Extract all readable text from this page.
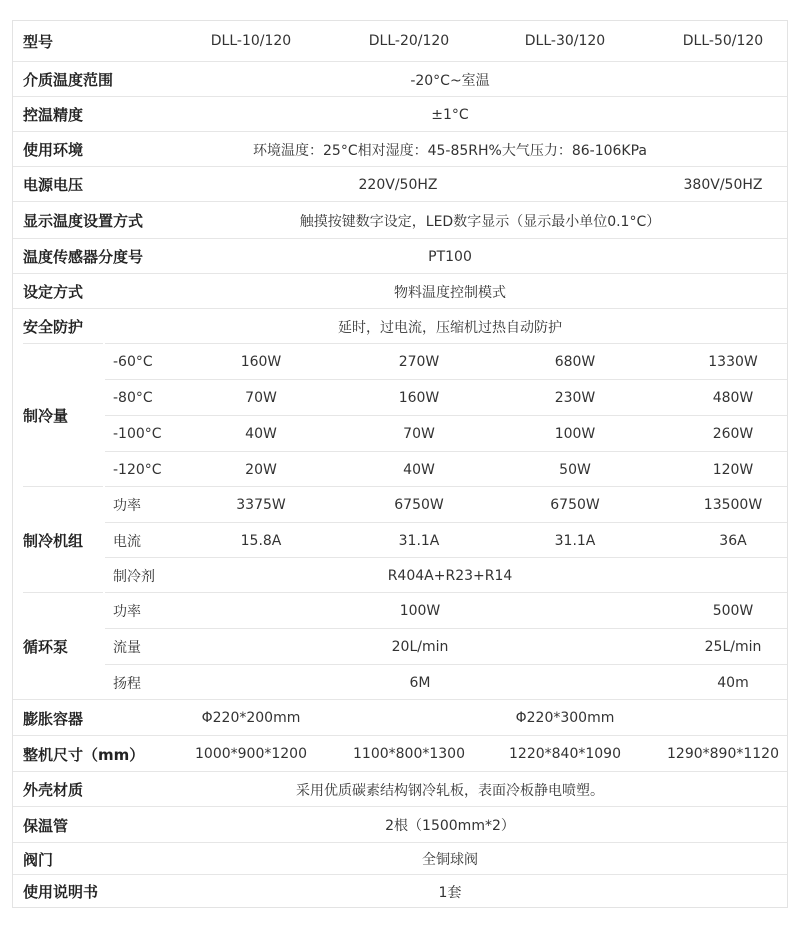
型号	DLL-10/120	DLL-20/120	DLL-30/120	DLL-50/120
介质温度范围	-20°C~室温
控温精度	±1°C
使用环境	环境温度：25°C相对湿度：45-85RH%大气压力：86-106KPa
电源电压	220V/50HZ	380V/50HZ
显示温度设置方式	触摸按键数字设定，LED数字显示（显示最小单位0.1°C）
温度传感器分度号	PT100
设定方式	物料温度控制模式
安全防护	延时，过电流，压缩机过热自动防护
制冷量
-60°C	160W	270W	680W	1330W
-80°C	70W	160W	230W	480W
-100°C	40W	70W	100W	260W
-120°C	20W	40W	50W	120W
制冷机组
功率	3375W	6750W	6750W	13500W
电流	15.8A	31.1A	31.1A	36A
制冷剂	R404A+R23+R14
循环泵
功率	100W	500W
流量	20L/min	25L/min
扬程	6M	40m
膨胀容器	Φ220*200mm	Φ220*300mm
整机尺寸（mm）	1000*900*1200	1100*800*1300	1220*840*1090	1290*890*1120
外壳材质	采用优质碳素结构钢冷轧板，表面冷板静电喷塑。
保温管	2根（1500mm*2）
阀门	全铜球阀
使用说明书	1套
